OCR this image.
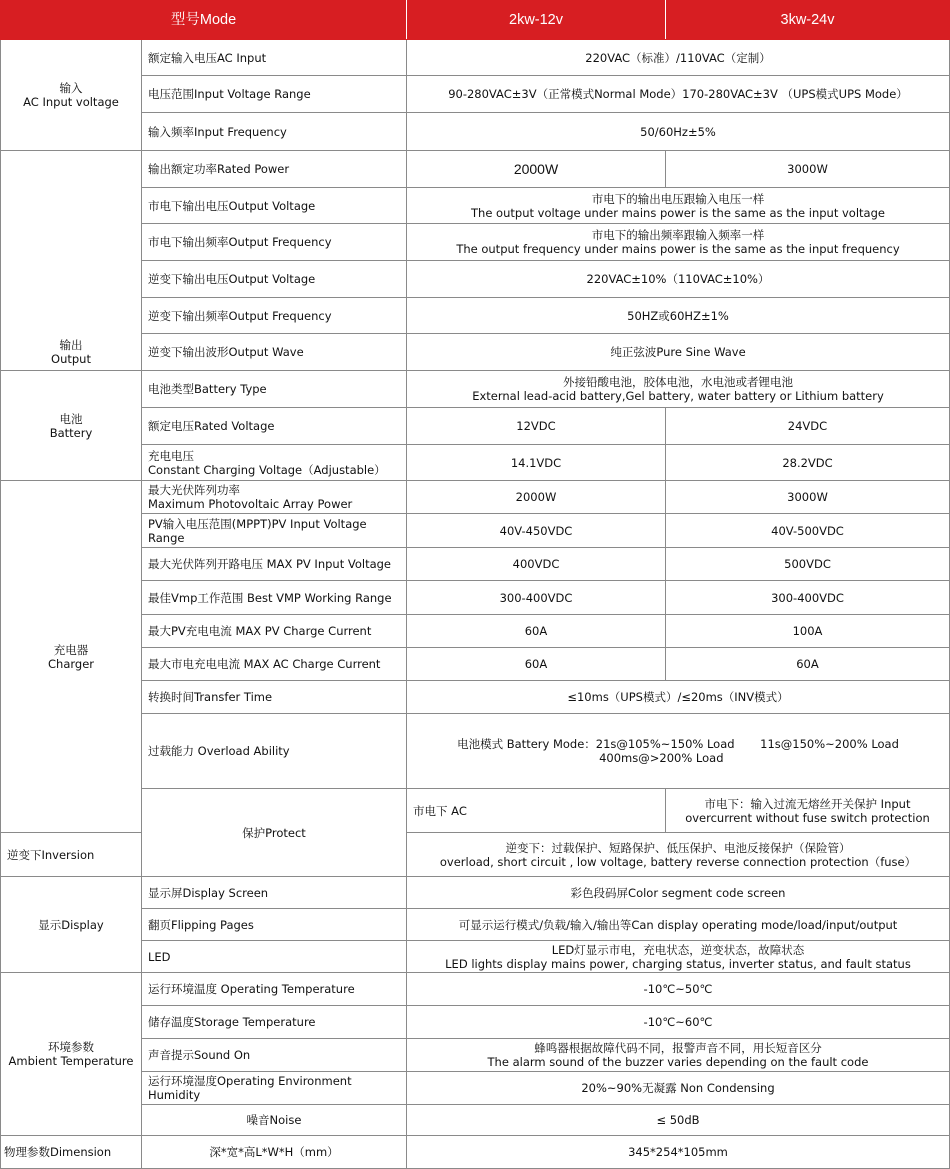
型号Mode		2kw-12v	3kw-24v

输入
AC Input voltage	额定输入电压AC Input	220VAC（标准）/110VAC（定制）	
	电压范围Input Voltage Range	90-280VAC±3V（正常模式Normal Mode）170-280VAC±3V （UPS模式UPS Mode）	
	输入频率Input Frequency	50/60Hz±5%	

输出
Output	输出额定功率Rated Power	2000W	3000W
	市电下输出电压Output Voltage	市电下的输出电压跟输入电压一样
The output voltage under mains power is the same as the input voltage	

	市电下输出频率Output Frequency	市电下的输出频率跟输入频率一样
The output frequency under mains power is the same as the input frequency	

	逆变下输出电压Output Voltage	220VAC±10%（110VAC±10%）	
	逆变下输出频率Output Frequency	50HZ或60HZ±1%	
	逆变下输出波形Output Wave	纯正弦波Pure Sine Wave	

电池
Battery	电池类型Battery Type	外接铅酸电池，胶体电池，水电池或者锂电池
External lead-acid battery,Gel battery, water battery or Lithium battery	

	额定电压Rated Voltage	12VDC	24VDC

	充电电压
Constant Charging Voltage（Adjustable）	14.1VDC	28.2VDC

充电器
Charger	最大光伏阵列功率
Maximum Photovoltaic Array Power	2000W	3000W
	PV输入电压范围(MPPT)PV Input Voltage Range	40V-450VDC	40V-500VDC
	最大光伏阵列开路电压 MAX PV Input Voltage	400VDC	500VDC
	最佳Vmp工作范围 Best VMP Working Range	300-400VDC	300-400VDC
	最大PV充电电流 MAX PV Charge Current	60A	100A
	最大市电充电电流 MAX AC Charge Current	60A	60A
	转换时间Transfer Time	≤10ms（UPS模式）/≤20ms（INV模式）	
	过载能力 Overload Ability	电池模式 Battery Mode：21s@105%~150% Load       11s@150%~200% Load
400ms@>200% Load	

	保护Protect	市电下 AC	市电下：输入过流无熔丝开关保护 Input overcurrent without fuse switch protection
逆变下Inversion		逆变下：过载保护、短路保护、低压保护、电池反接保护（保险管）
overload, short circuit , low voltage, battery reverse connection protection（fuse）	

显示Display	显示屏Display Screen	彩色段码屏Color segment code screen	
	翻页Flipping Pages	可显示运行模式/负载/输入/输出等Can display operating mode/load/input/output	
	LED	LED灯显示市电，充电状态，逆变状态，故障状态
LED lights display mains power, charging status, inverter status, and fault status	

环境参数
Ambient Temperature	运行环境温度 Operating Temperature	-10℃~50℃	
	储存温度Storage Temperature	-10℃~60℃	
	声音提示Sound On	蜂鸣器根据故障代码不同，报警声音不同，用长短音区分
The alarm sound of the buzzer varies depending on the fault code	

	运行环境湿度Operating Environment Humidity	20%~90%无凝露 Non Condensing	
	噪音Noise	≤ 50dB	
物理参数Dimension	深*宽*高L*W*H（mm）	345*254*105mm	
